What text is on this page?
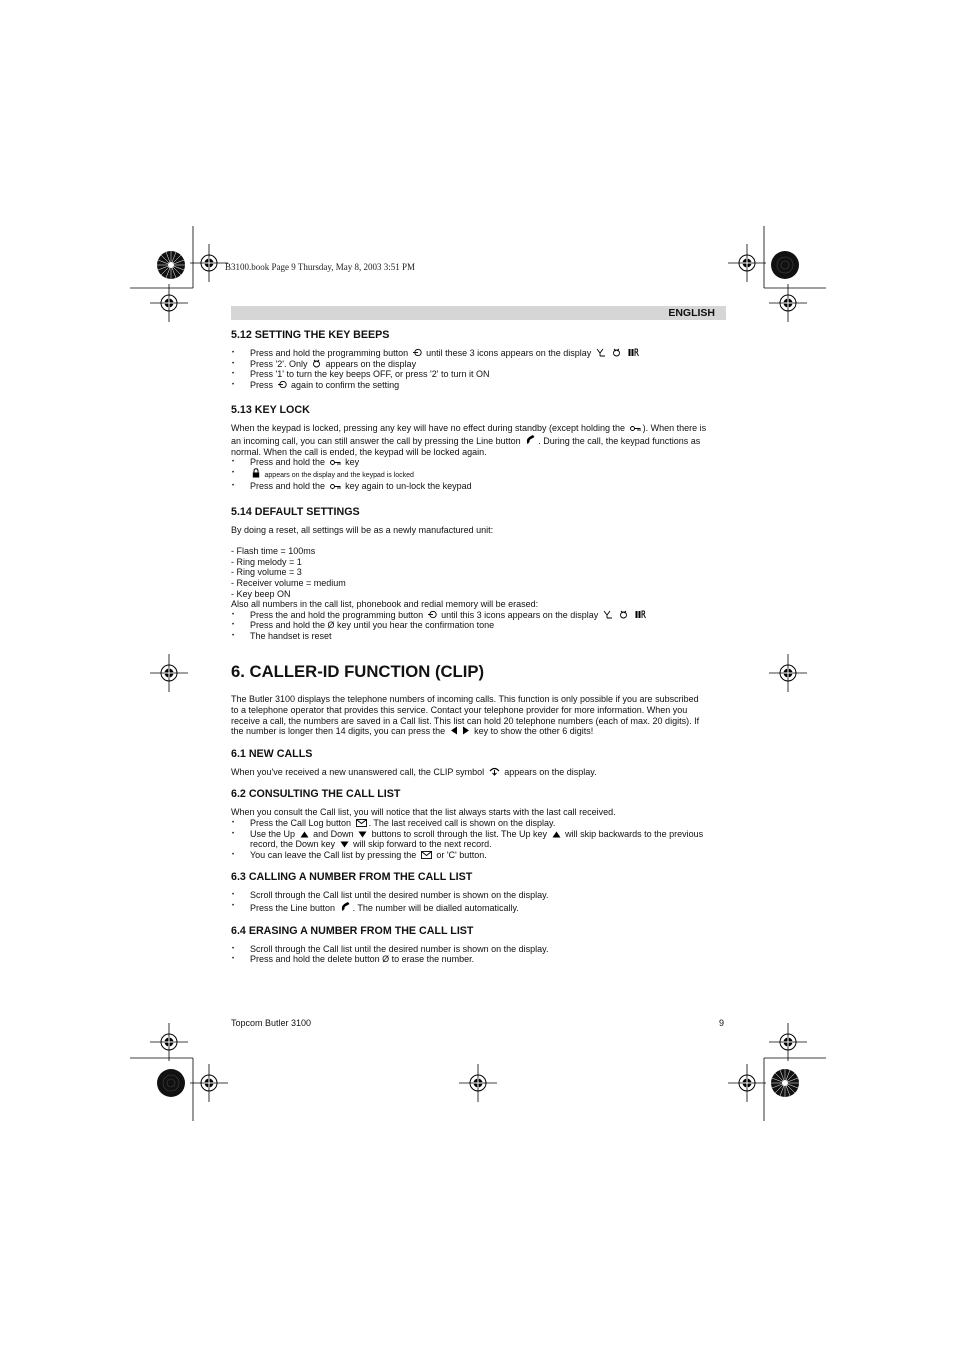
B3100.book Page 9 Thursday, May 8, 2003 3:51 PM
ENGLISH
5.12 SETTING THE KEY BEEPS
• Press and hold the programming button until these 3 icons appears on the display
• Press '2'. Only appears on the display
• Press '1' to turn the key beeps OFF, or press '2' to turn it ON
• Press again to confirm the setting
5.13 KEY LOCK

When the keypad is locked, pressing any key will have no effect during standby (except holding the ). When there is

an incoming call, you can still answer the call by pressing the Line button . During the call, the keypad functions as

normal. When the call is ended, the keypad will be locked again.

• Press and hold the key
• appears on the display and the keypad is locked
• Press and hold the key again to un-lock the keypad
5.14 DEFAULT SETTINGS

By doing a reset, all settings will be as a newly manufactured unit:

- Flash time = 100ms

- Ring melody = 1

- Ring volume = 3

- Receiver volume = medium

- Key beep ON

Also all numbers in the call list, phonebook and redial memory will be erased:

• Press the and hold the programming button until this 3 icons appears on the display
• Press and hold the Ø key until you hear the confirmation tone
• The handset is reset
6. CALLER-ID FUNCTION (CLIP)

The Butler 3100 displays the telephone numbers of incoming calls. This function is only possible if you are subscribed

to a telephone operator that provides this service. Contact your telephone provider for more information. When you

receive a call, the numbers are saved in a Call list. This list can hold 20 telephone numbers (each of max. 20 digits). If

the number is longer then 14 digits, you can press the	key to show the other 6 digits!

6.1 NEW CALLS

When you've received a new unanswered call, the CLIP symbol appears on the display.

6.2 CONSULTING THE CALL LIST

When you consult the Call list, you will notice that the list always starts with the last call received.

• Press the Call Log button . The last received call is shown on the display.
• Use the Up and Down buttons to scroll through the list. The Up key will skip backwards to the previous
record, the Down key will skip forward to the next record.
• You can leave the Call list by pressing the or 'C' button.
6.3 CALLING A NUMBER FROM THE CALL LIST
• Scroll through the Call list until the desired number is shown on the display.
• Press the Line button . The number will be dialled automatically.
6.4 ERASING A NUMBER FROM THE CALL LIST
• Scroll through the Call list until the desired number is shown on the display.
• Press and hold the delete button Ø to erase the number.
Topcom Butler 3100	9
